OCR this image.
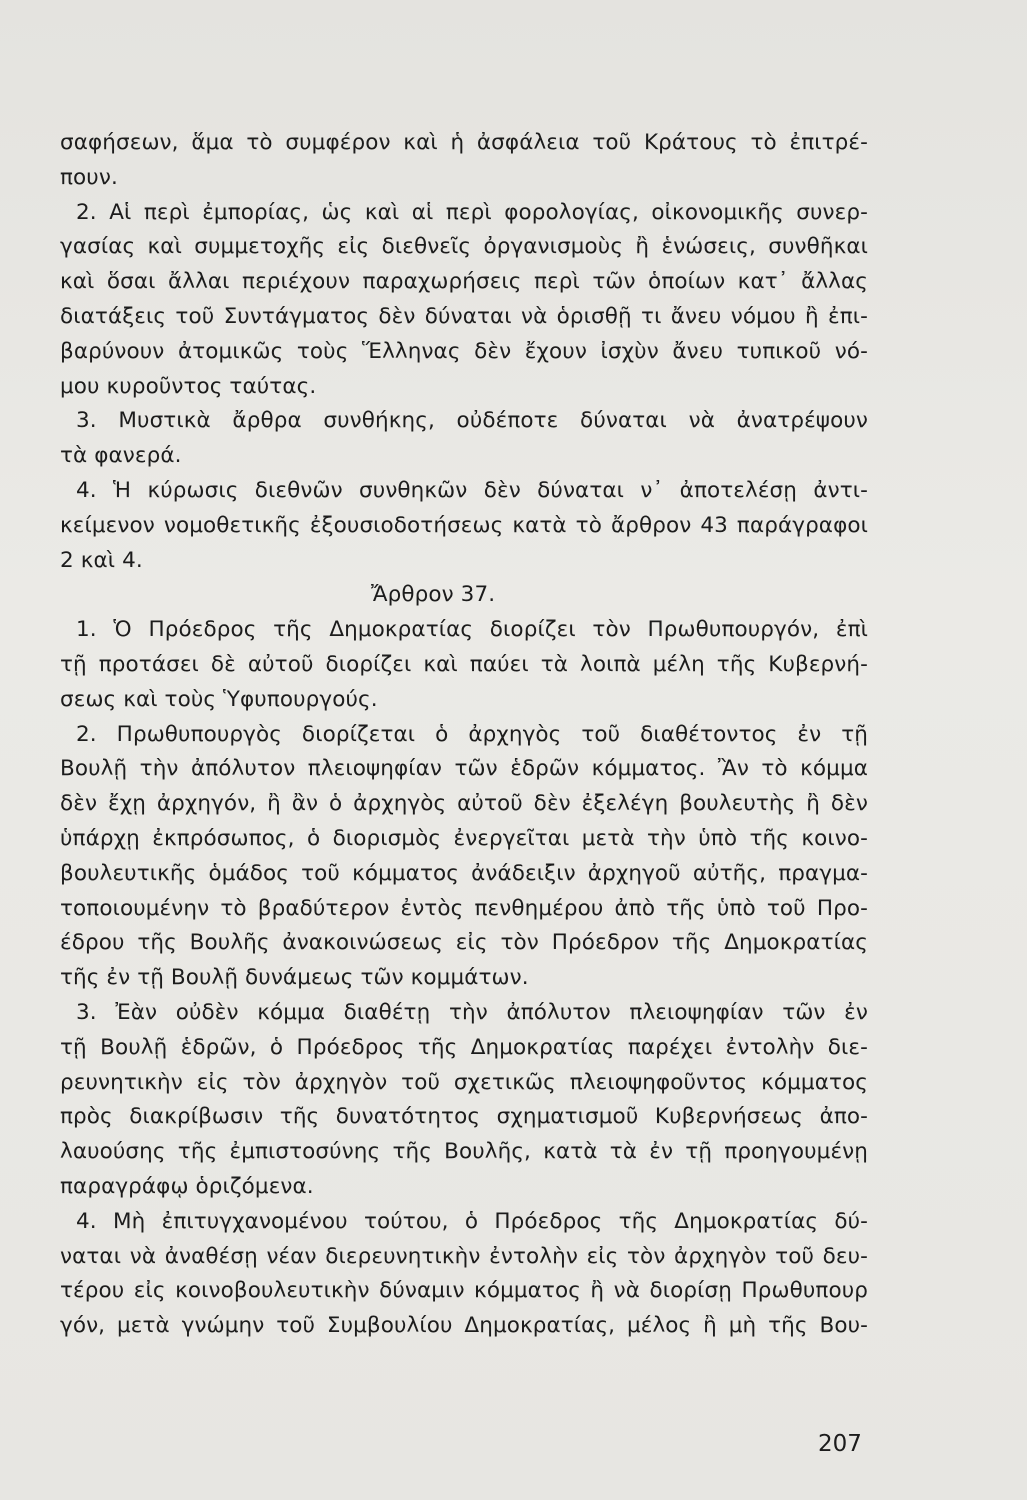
σαφήσεων, ἅμα τὸ συμφέρον καὶ ἡ ἀσφάλεια τοῦ Κράτους τὸ ἐπιτρέ-
πουν.
2. Αἱ περὶ ἐμπορίας, ὡς καὶ αἱ περὶ φορολογίας, οἰκονομικῆς συνερ-
γασίας καὶ συμμετοχῆς εἰς διεθνεῖς ὀργανισμοὺς ἢ ἑνώσεις, συνθῆκαι
καὶ ὅσαι ἄλλαι περιέχουν παραχωρήσεις περὶ τῶν ὁποίων κατ᾽ ἄλλας
διατάξεις τοῦ Συντάγματος δὲν δύναται νὰ ὁρισθῇ τι ἄνευ νόμου ἢ ἐπι-
βαρύνουν ἀτομικῶς τοὺς Ἕλληνας δὲν ἔχουν ἰσχὺν ἄνευ τυπικοῦ νό-
μου κυροῦντος ταύτας.
3. Μυστικὰ ἄρθρα συνθήκης, οὐδέποτε δύναται νὰ ἀνατρέψουν
τὰ φανερά.
4. Ἡ κύρωσις διεθνῶν συνθηκῶν δὲν δύναται ν᾽ ἀποτελέσῃ ἀντι-
κείμενον νομοθετικῆς ἐξουσιοδοτήσεως κατὰ τὸ ἄρθρον 43 παράγραφοι
2 καὶ 4.
Ἄρθρον 37.
1. Ὁ Πρόεδρος τῆς Δημοκρατίας διορίζει τὸν Πρωθυπουργόν, ἐπὶ
τῇ προτάσει δὲ αὐτοῦ διορίζει καὶ παύει τὰ λοιπὰ μέλη τῆς Κυβερνή-
σεως καὶ τοὺς Ὑφυπουργούς.
2. Πρωθυπουργὸς διορίζεται ὁ ἀρχηγὸς τοῦ διαθέτοντος ἐν τῇ
Βουλῇ τὴν ἀπόλυτον πλειοψηφίαν τῶν ἑδρῶν κόμματος. Ἂν τὸ κόμμα
δὲν ἔχῃ ἀρχηγόν, ἢ ἂν ὁ ἀρχηγὸς αὐτοῦ δὲν ἐξελέγη βουλευτὴς ἢ δὲν
ὑπάρχῃ ἐκπρόσωπος, ὁ διορισμὸς ἐνεργεῖται μετὰ τὴν ὑπὸ τῆς κοινο-
βουλευτικῆς ὁμάδος τοῦ κόμματος ἀνάδειξιν ἀρχηγοῦ αὐτῆς, πραγμα-
τοποιουμένην τὸ βραδύτερον ἐντὸς πενθημέρου ἀπὸ τῆς ὑπὸ τοῦ Προ-
έδρου τῆς Βουλῆς ἀνακοινώσεως εἰς τὸν Πρόεδρον τῆς Δημοκρατίας
τῆς ἐν τῇ Βουλῇ δυνάμεως τῶν κομμάτων.
3. Ἐὰν οὐδὲν κόμμα διαθέτῃ τὴν ἀπόλυτον πλειοψηφίαν τῶν ἐν
τῇ Βουλῇ ἑδρῶν, ὁ Πρόεδρος τῆς Δημοκρατίας παρέχει ἐντολὴν διε-
ρευνητικὴν εἰς τὸν ἀρχηγὸν τοῦ σχετικῶς πλειοψηφοῦντος κόμματος
πρὸς διακρίβωσιν τῆς δυνατότητος σχηματισμοῦ Κυβερνήσεως ἀπο-
λαυούσης τῆς ἐμπιστοσύνης τῆς Βουλῆς, κατὰ τὰ ἐν τῇ προηγουμένῃ
παραγράφῳ ὁριζόμενα.
4. Μὴ ἐπιτυγχανομένου τούτου, ὁ Πρόεδρος τῆς Δημοκρατίας δύ-
ναται νὰ ἀναθέσῃ νέαν διερευνητικὴν ἐντολὴν εἰς τὸν ἀρχηγὸν τοῦ δευ-
τέρου εἰς κοινοβουλευτικὴν δύναμιν κόμματος ἢ νὰ διορίσῃ Πρωθυπουρ
γόν, μετὰ γνώμην τοῦ Συμβουλίου Δημοκρατίας, μέλος ἢ μὴ τῆς Βου-
207
